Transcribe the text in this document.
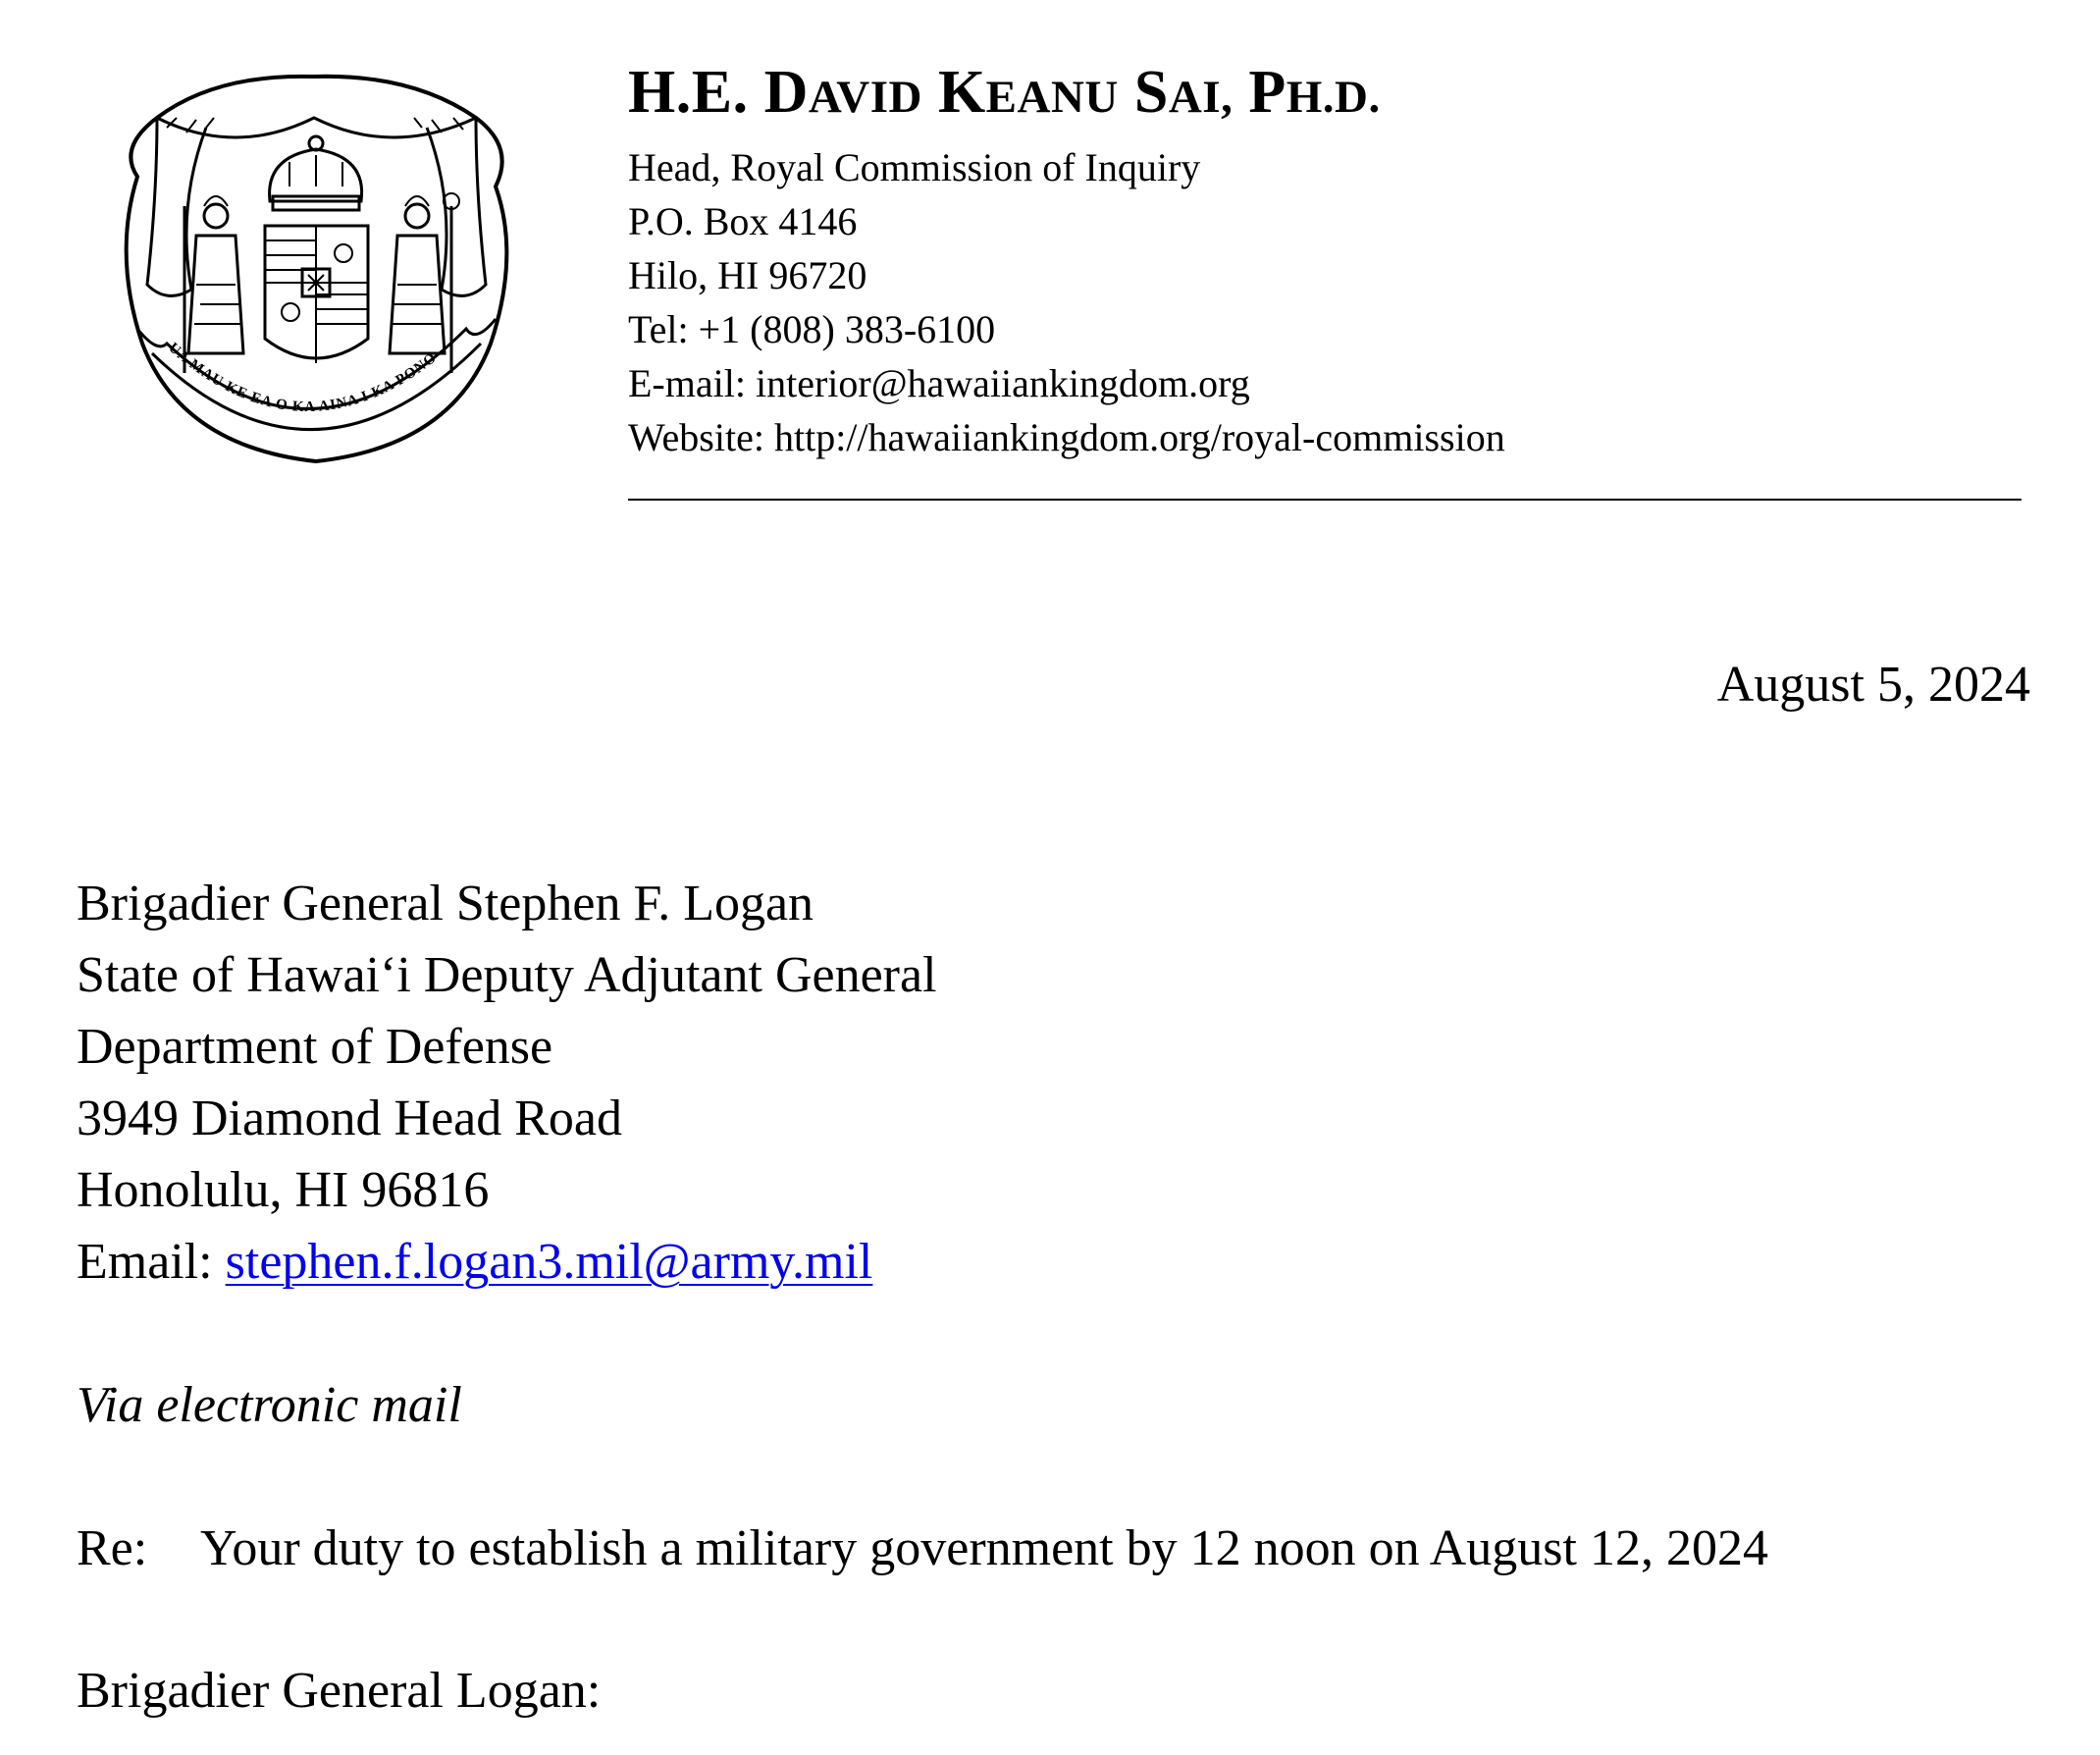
UA MAU KE EA O KA AINA I KA PONO
H.E. DAVID KEANU SAI, PH.D.

Head, Royal Commission of Inquiry

P.O. Box 4146

Hilo, HI 96720

Tel: +1 (808) 383-6100

E-mail: interior@hawaiiankingdom.org

Website: http://hawaiiankingdom.org/royal-commission

August 5, 2024

Brigadier General Stephen F. Logan

State of Hawai‘i Deputy Adjutant General

Department of Defense

3949 Diamond Head Road

Honolulu, HI 96816

Email: stephen.f.logan3.mil@army.mil

Via electronic mail

Re: Your duty to establish a military government by 12 noon on August 12, 2024

Brigadier General Logan:
